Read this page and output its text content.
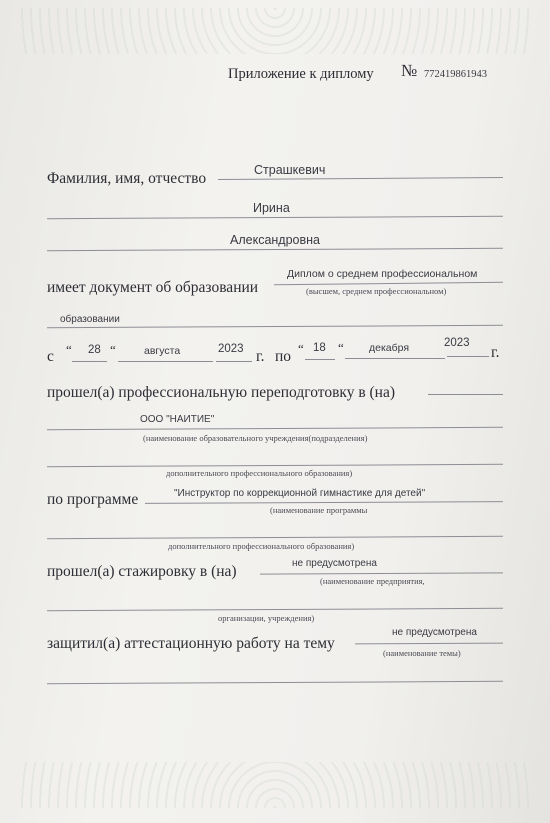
Приложение к диплому № 772419861943
Фамилия, имя, отчество	Страшкевич
Ирина
Александровна
имеет документ об образовании
Диплом о среднем профессиональном
(высшем, среднем профессиональном)
образовании
с “ 28 “	августа	2023 г. по “ 18 “ декабря	2023
г.
прошел(а) профессиональную переподготовку в (на)
ООО "НАИТИЕ"
(наименование образовательного учреждения(подразделения)
дополнительного профессионального образования)
по программе	"Инструктор по коррекционной гимнастике для детей"
(наименование программы
дополнительного профессионального образования)
прошел(а) стажировку в (на)	не предусмотрена
(наименование предприятия,
организации, учреждения)
защитил(а) аттестационную работу на тему
не предусмотрена
(наименование темы)
